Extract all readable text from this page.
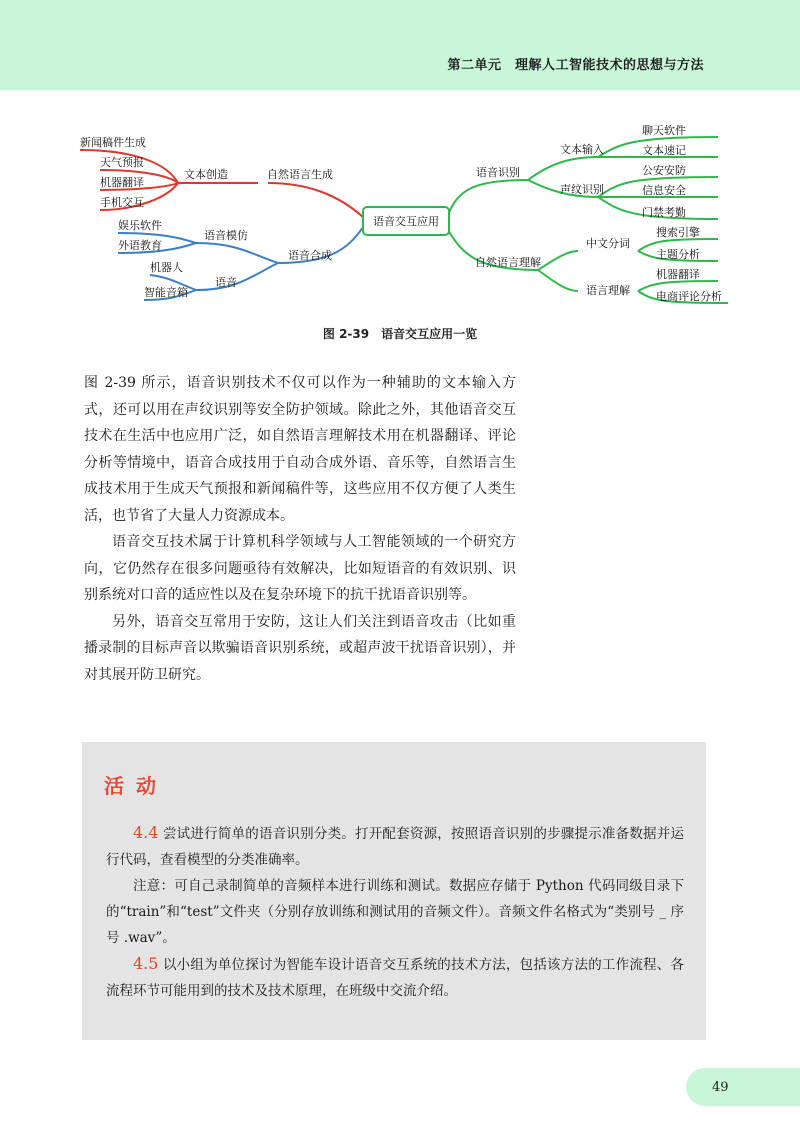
第二单元　理解人工智能技术的思想与方法
语音交互应用
自然语言生成
文本创造
新闻稿件生成
天气预报
机器翻译
手机交互
语音合成
语音模仿
语音
娱乐软件
外语教育
机器人
智能音箱
语音识别
文本输入
声纹识别
聊天软件
文本速记
公安安防
信息安全
门禁考勤
自然语言理解
中文分词
语言理解
搜索引擎
主题分析
机器翻译
电商评论分析
图 2-39　语音交互应用一览

图 2-39 所示，语音识别技术不仅可以作为一种辅助的文本输入方式，还可以用在声纹识别等安全防护领域。除此之外，其他语音交互技术在生活中也应用广泛，如自然语言理解技术用在机器翻译、评论分析等情境中，语音合成技用于自动合成外语、音乐等，自然语言生成技术用于生成天气预报和新闻稿件等，这些应用不仅方便了人类生活，也节省了大量人力资源成本。

语音交互技术属于计算机科学领域与人工智能领域的一个研究方向，它仍然存在很多问题亟待有效解决，比如短语音的有效识别、识别系统对口音的适应性以及在复杂环境下的抗干扰语音识别等。

另外，语音交互常用于安防，这让人们关注到语音攻击（比如重播录制的目标声音以欺骗语音识别系统，或超声波干扰语音识别），并对其展开防卫研究。

活动

4.4 尝试进行简单的语音识别分类。打开配套资源，按照语音识别的步骤提示准备数据并运行代码，查看模型的分类准确率。

注意：可自己录制简单的音频样本进行训练和测试。数据应存储于 Python 代码同级目录下的“train”和“test”文件夹（分别存放训练和测试用的音频文件）。音频文件名格式为“类别号 _ 序号 .wav”。

4.5 以小组为单位探讨为智能车设计语音交互系统的技术方法，包括该方法的工作流程、各流程环节可能用到的技术及技术原理，在班级中交流介绍。

49
